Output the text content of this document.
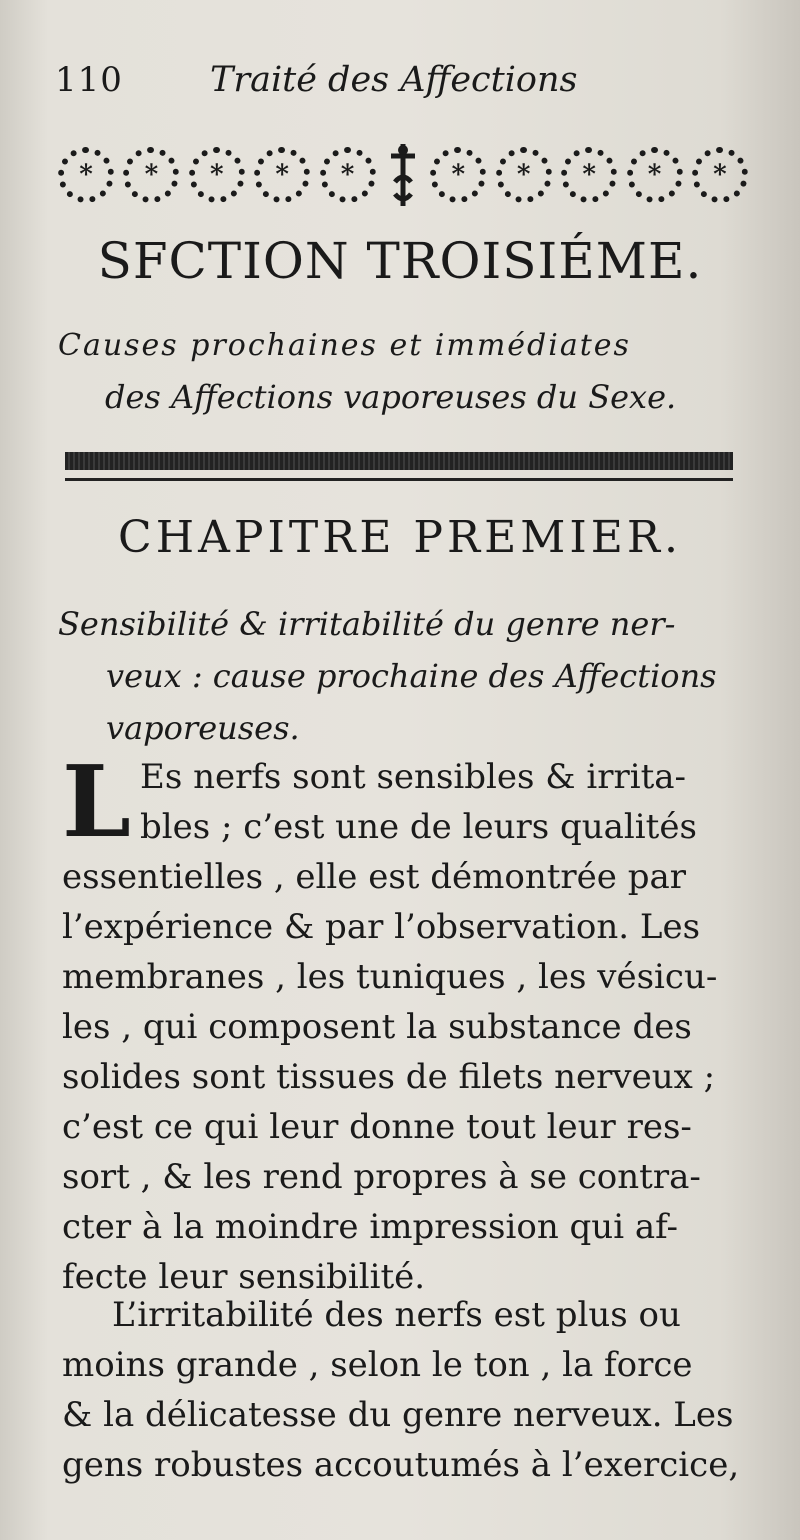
110 Traité des Affections
*	*	*	*	*	*	*	*	*	*
SFCTION TROISIÉME.
Causes prochaines et immédiates
des Affections vaporeuses du Sexe.
CHAPITRE PREMIER.
Sensibilité & irritabilité du genre ner-
veux : cause prochaine des Affections
vaporeuses.
L Es nerfs sont sensibles & irrita-
bles ; c’est une de leurs qualités
essentielles , elle est démontrée par
l’expérience & par l’observation. Les
membranes , les tuniques , les vésicu-
les , qui composent la substance des
solides sont tissues de filets nerveux ;
c’est ce qui leur donne tout leur res-
sort , & les rend propres à se contra-
cter à la moindre impression qui af-
fecte leur sensibilité.
L’irritabilité des nerfs est plus ou
moins grande , selon le ton , la force
& la délicatesse du genre nerveux. Les
gens robustes accoutumés à l’exercice,
